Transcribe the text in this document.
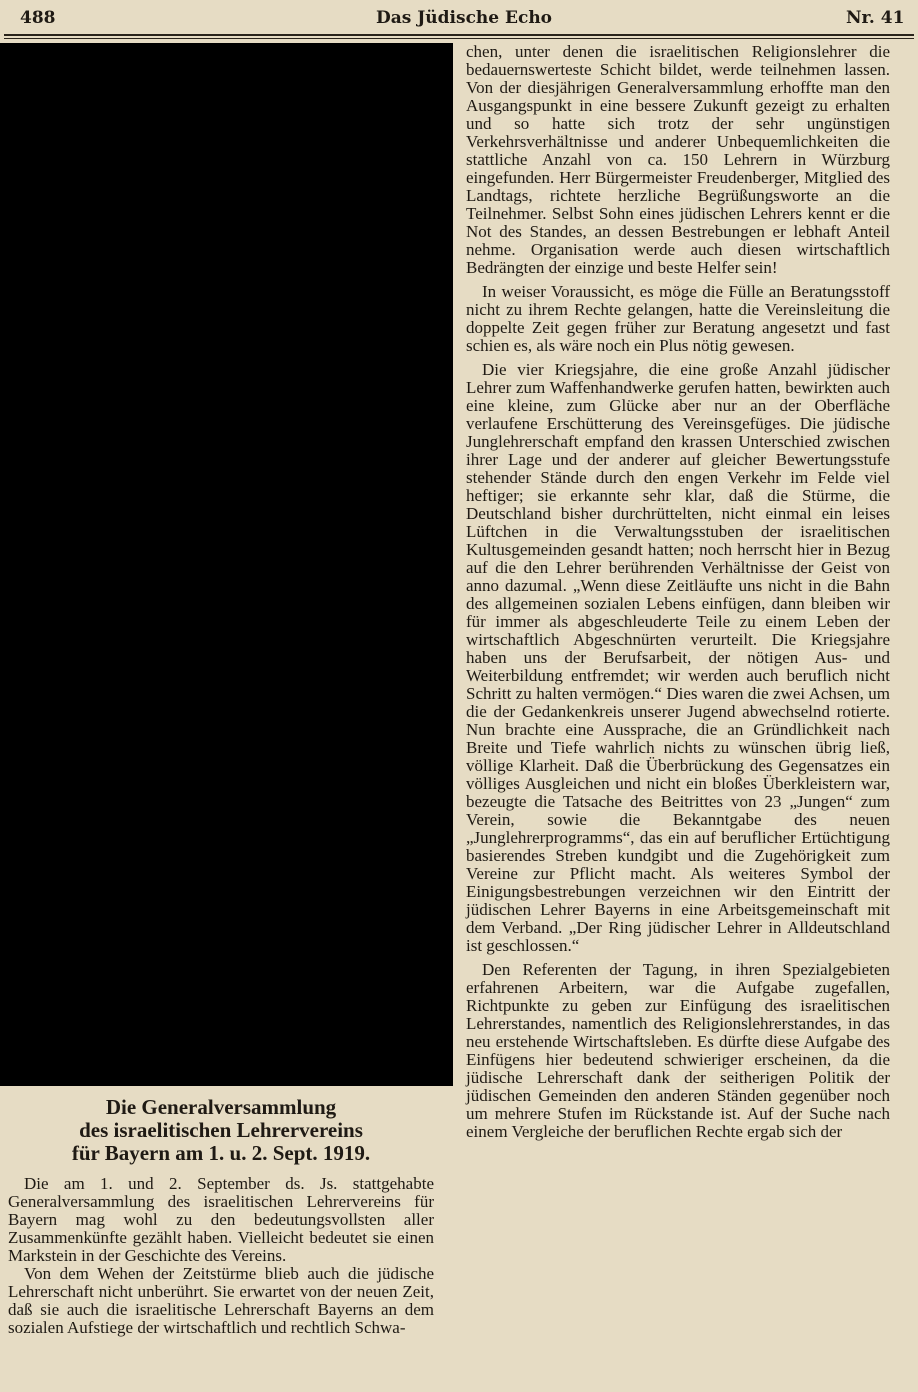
488	Das Jüdische Echo	Nr. 41
Die Generalversammlung
des israelitischen Lehrervereins
für Bayern am 1. u. 2. Sept. 1919.

Die am 1. und 2. September ds. Js. stattgehabte Generalversammlung des israelitischen Lehrervereins für Bayern mag wohl zu den bedeutungsvollsten aller Zusammenkünfte gezählt haben. Vielleicht bedeutet sie einen Markstein in der Geschichte des Vereins.

Von dem Wehen der Zeitstürme blieb auch die jüdische Lehrerschaft nicht unberührt. Sie erwartet von der neuen Zeit, daß sie auch die israelitische Lehrerschaft Bayerns an dem sozialen Aufstiege der wirtschaftlich und rechtlich Schwa-

chen, unter denen die israelitischen Religionslehrer die bedauernswerteste Schicht bildet, werde teilnehmen lassen. Von der diesjährigen Generalversammlung erhoffte man den Ausgangspunkt in eine bessere Zukunft gezeigt zu erhalten und so hatte sich trotz der sehr ungünstigen Verkehrsverhältnisse und anderer Unbequemlichkeiten die stattliche Anzahl von ca. 150 Lehrern in Würzburg eingefunden. Herr Bürgermeister Freudenberger, Mitglied des Landtags, richtete herzliche Begrüßungsworte an die Teilnehmer. Selbst Sohn eines jüdischen Lehrers kennt er die Not des Standes, an dessen Bestrebungen er lebhaft Anteil nehme. Organisation werde auch diesen wirtschaftlich Bedrängten der einzige und beste Helfer sein!

In weiser Voraussicht, es möge die Fülle an Beratungsstoff nicht zu ihrem Rechte gelangen, hatte die Vereinsleitung die doppelte Zeit gegen früher zur Beratung angesetzt und fast schien es, als wäre noch ein Plus nötig gewesen.

Die vier Kriegsjahre, die eine große Anzahl jüdischer Lehrer zum Waffenhandwerke gerufen hatten, bewirkten auch eine kleine, zum Glücke aber nur an der Oberfläche verlaufene Erschütterung des Vereinsgefüges. Die jüdische Junglehrerschaft empfand den krassen Unterschied zwischen ihrer Lage und der anderer auf gleicher Bewertungsstufe stehender Stände durch den engen Verkehr im Felde viel heftiger; sie erkannte sehr klar, daß die Stürme, die Deutschland bisher durchrüttelten, nicht einmal ein leises Lüftchen in die Verwaltungsstuben der israelitischen Kultusgemeinden gesandt hatten; noch herrscht hier in Bezug auf die den Lehrer berührenden Verhältnisse der Geist von anno dazumal. „Wenn diese Zeitläufte uns nicht in die Bahn des allgemeinen sozialen Lebens einfügen, dann bleiben wir für immer als abgeschleuderte Teile zu einem Leben der wirtschaftlich Abgeschnürten verurteilt. Die Kriegsjahre haben uns der Berufsarbeit, der nötigen Aus- und Weiterbildung entfremdet; wir werden auch beruflich nicht Schritt zu halten vermögen.“ Dies waren die zwei Achsen, um die der Gedankenkreis unserer Jugend abwechselnd rotierte. Nun brachte eine Aussprache, die an Gründlichkeit nach Breite und Tiefe wahrlich nichts zu wünschen übrig ließ, völlige Klarheit. Daß die Überbrückung des Gegensatzes ein völliges Ausgleichen und nicht ein bloßes Überkleistern war, bezeugte die Tatsache des Beitrittes von 23 „Jungen“ zum Verein, sowie die Bekanntgabe des neuen „Junglehrerprogramms“, das ein auf beruflicher Ertüchtigung basierendes Streben kundgibt und die Zugehörigkeit zum Vereine zur Pflicht macht. Als weiteres Symbol der Einigungsbestrebungen verzeichnen wir den Eintritt der jüdischen Lehrer Bayerns in eine Arbeitsgemeinschaft mit dem Verband. „Der Ring jüdischer Lehrer in Alldeutschland ist geschlossen.“

Den Referenten der Tagung, in ihren Spezialgebieten erfahrenen Arbeitern, war die Aufgabe zugefallen, Richtpunkte zu geben zur Einfügung des israelitischen Lehrerstandes, namentlich des Religionslehrerstandes, in das neu erstehende Wirtschaftsleben. Es dürfte diese Aufgabe des Einfügens hier bedeutend schwieriger erscheinen, da die jüdische Lehrerschaft dank der seitherigen Politik der jüdischen Gemeinden den anderen Ständen gegenüber noch um mehrere Stufen im Rückstande ist. Auf der Suche nach einem Vergleiche der beruflichen Rechte ergab sich der
